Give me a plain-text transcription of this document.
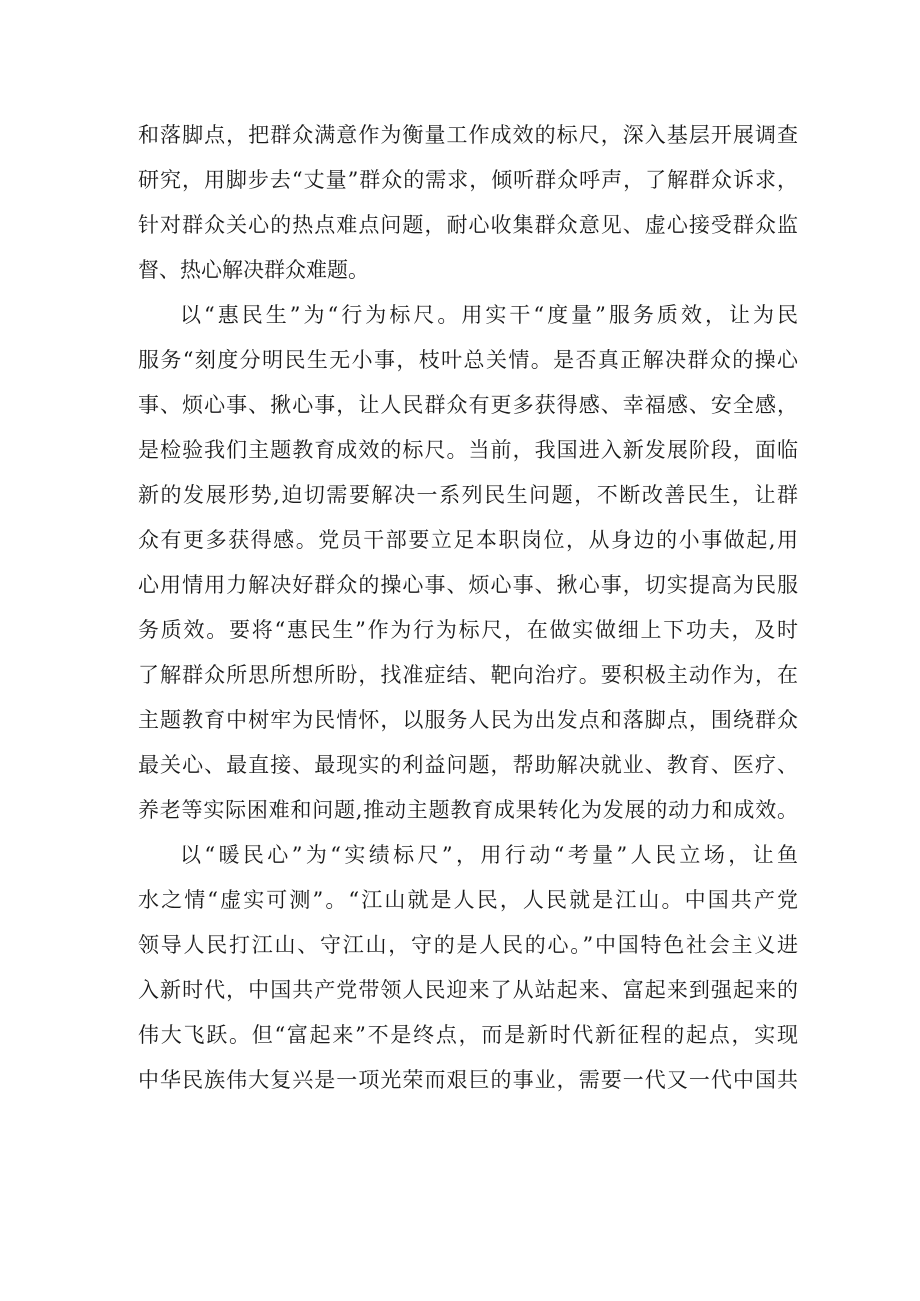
和落脚点，把群众满意作为衡量工作成效的标尺，深入基层开展调查
研究，用脚步去“丈量”群众的需求，倾听群众呼声，了解群众诉求，
针对群众关心的热点难点问题，耐心收集群众意见、虚心接受群众监
督、热心解决群众难题。
以“惠民生”为“行为标尺。用实干“度量”服务质效，让为民
服务“刻度分明民生无小事，枝叶总关情。是否真正解决群众的操心
事、烦心事、揪心事，让人民群众有更多获得感、幸福感、安全感，
是检验我们主题教育成效的标尺。当前，我国进入新发展阶段，面临
新的发展形势,迫切需要解决一系列民生问题，不断改善民生，让群
众有更多获得感。党员干部要立足本职岗位，从身边的小事做起,用
心用情用力解决好群众的操心事、烦心事、揪心事，切实提高为民服
务质效。要将“惠民生”作为行为标尺，在做实做细上下功夫，及时
了解群众所思所想所盼，找准症结、靶向治疗。要积极主动作为，在
主题教育中树牢为民情怀，以服务人民为出发点和落脚点，围绕群众
最关心、最直接、最现实的利益问题，帮助解决就业、教育、医疗、
养老等实际困难和问题,推动主题教育成果转化为发展的动力和成效。
以“暖民心”为“实绩标尺”，用行动“考量”人民立场，让鱼
水之情“虚实可测”。“江山就是人民，人民就是江山。中国共产党
领导人民打江山、守江山，守的是人民的心。”中国特色社会主义进
入新时代，中国共产党带领人民迎来了从站起来、富起来到强起来的
伟大飞跃。但“富起来”不是终点，而是新时代新征程的起点，实现
中华民族伟大复兴是一项光荣而艰巨的事业，需要一代又一代中国共
